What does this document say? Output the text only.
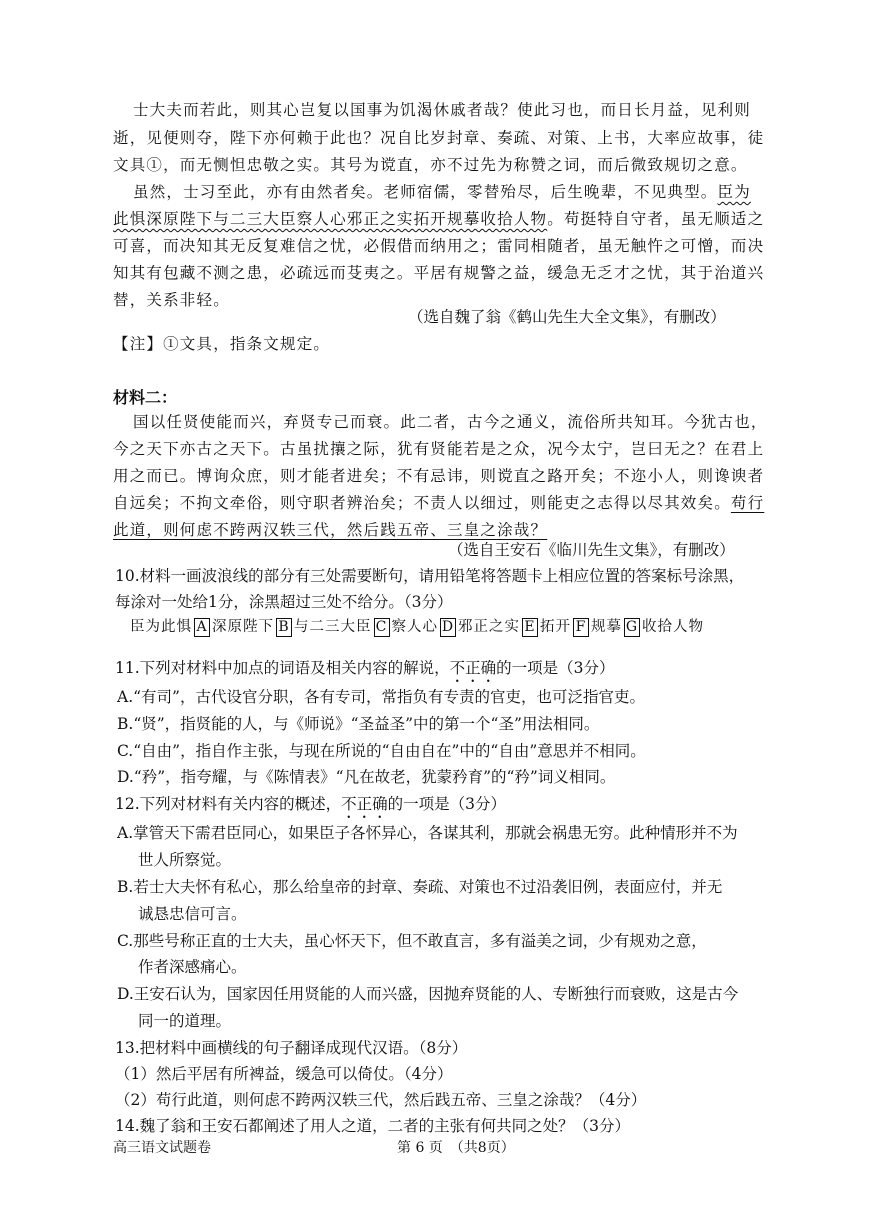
士大夫而若此，则其心岂复以国事为饥渴休戚者哉？使此习也，而日长月益，见利则
逝，见便则夺，陛下亦何赖于此也？况自比岁封章、奏疏、对策、上书，大率应故事，徒
文具①，而无恻怛忠敬之实。其号为谠直，亦不过先为称赞之词，而后微致规切之意。
虽然，士习至此，亦有由然者矣。老师宿儒，零替殆尽，后生晚辈，不见典型。臣为
此惧深原陛下与二三大臣察人心邪正之实拓开规摹收拾人物。苟挺特自守者，虽无顺适之
可喜，而决知其无反复难信之忧，必假借而纳用之；雷同相随者，虽无触忤之可憎，而决
知其有包藏不测之患，必疏远而芟夷之。平居有规警之益，缓急无乏才之忧，其于治道兴
替，关系非轻。
（选自魏了翁《鹤山先生大全文集》，有删改）
【注】①文具，指条文规定。
材料二：
国以任贤使能而兴，弃贤专己而衰。此二者，古今之通义，流俗所共知耳。今犹古也，
今之天下亦古之天下。古虽扰攘之际，犹有贤能若是之众，况今太宁，岂曰无之？在君上
用之而已。博询众庶，则才能者进矣；不有忌讳，则谠直之路开矣；不迩小人，则谗谀者
自远矣；不拘文牵俗，则守职者辨治矣；不责人以细过，则能吏之志得以尽其效矣。苟行
此道，则何虑不跨两汉轶三代，然后践五帝、三皇之涂哉？
（选自王安石《临川先生文集》，有删改）
10.材料一画波浪线的部分有三处需要断句，请用铅笔将答题卡上相应位置的答案标号涂黑，
每涂对一处给1分，涂黑超过三处不给分。（3分）
臣为此惧 A 深原陛下 B 与二三大臣 C 察人心 D 邪正之实 E 拓开 F 规摹 G 收拾人物
11.下列对材料中加点的词语及相关内容的解说，不正确的一项是（3分）
A.“有司”，古代设官分职，各有专司，常指负有专责的官吏，也可泛指官吏。
B.“贤”，指贤能的人，与《师说》“圣益圣”中的第一个“圣”用法相同。
C.“自由”，指自作主张，与现在所说的“自由自在”中的“自由”意思并不相同。
D.“矜”，指夸耀，与《陈情表》“凡在故老，犹蒙矜育”的“矜”词义相同。
12.下列对材料有关内容的概述，不正确的一项是（3分）
A.掌管天下需君臣同心，如果臣子各怀异心，各谋其利，那就会祸患无穷。此种情形并不为
世人所察觉。
B.若士大夫怀有私心，那么给皇帝的封章、奏疏、对策也不过沿袭旧例，表面应付，并无
诚恳忠信可言。
C.那些号称正直的士大夫，虽心怀天下，但不敢直言，多有溢美之词，少有规劝之意，
作者深感痛心。
D.王安石认为，国家因任用贤能的人而兴盛，因抛弃贤能的人、专断独行而衰败，这是古今
同一的道理。
13.把材料中画横线的句子翻译成现代汉语。（8分）
（1）然后平居有所裨益，缓急可以倚仗。（4分）
（2）苟行此道，则何虑不跨两汉轶三代，然后践五帝、三皇之涂哉？（4分）
14.魏了翁和王安石都阐述了用人之道，二者的主张有何共同之处？（3分）
高三语文试题卷	第 6 页　（共8页）
